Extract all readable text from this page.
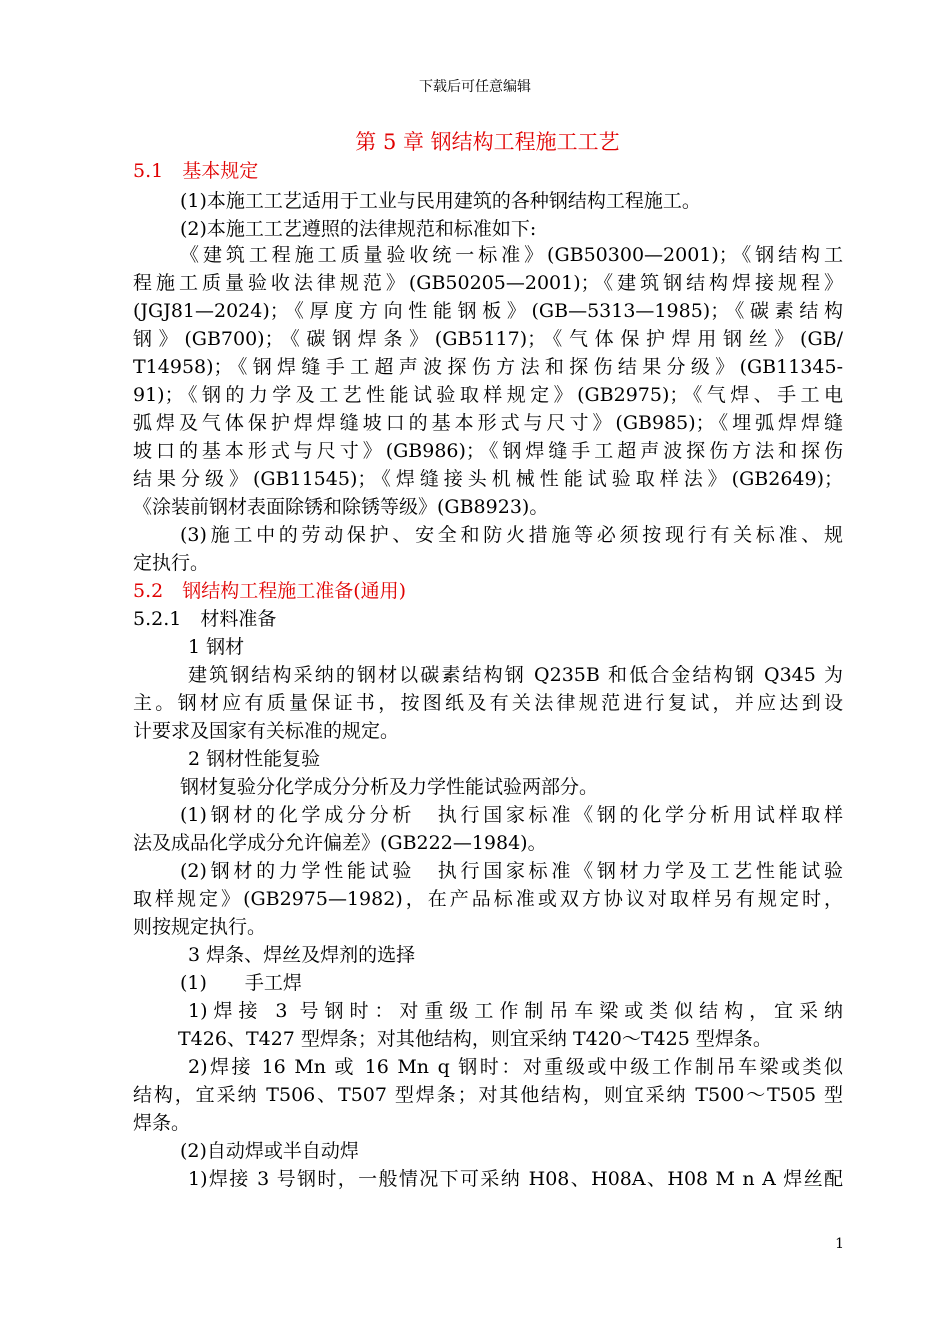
下载后可任意编辑
第 5 章 钢结构工程施工工艺
5.1　基本规定
(1)本施工工艺适用于工业与民用建筑的各种钢结构工程施工。
(2)本施工工艺遵照的法律规范和标准如下:
《建筑工程施工质量验收统一标准》(GB50300—2001)；《钢结构工
程施工质量验收法律规范》(GB50205—2001)；《建筑钢结构焊接规程》
(JGJ81—2024)；《厚度方向性能钢板》(GB—5313—1985)；《碳素结构
钢》(GB700)；《碳钢焊条》(GB5117)；《气体保护焊用钢丝》(GB/
T14958)；《钢焊缝手工超声波探伤方法和探伤结果分级》(GB11345-
91)；《钢的力学及工艺性能试验取样规定》(GB2975)；《气焊、手工电
弧焊及气体保护焊焊缝坡口的基本形式与尺寸》(GB985)；《埋弧焊焊缝
坡口的基本形式与尺寸》(GB986)；《钢焊缝手工超声波探伤方法和探伤
结果分级》(GB11545)；《焊缝接头机械性能试验取样法》(GB2649)；
《涂装前钢材表面除锈和除锈等级》(GB8923)。
(3)施工中的劳动保护、安全和防火措施等必须按现行有关标准、规
定执行。
5.2　钢结构工程施工准备(通用)
5.2.1　材料准备
1 钢材
建筑钢结构采纳的钢材以碳素结构钢 Q235B 和低合金结构钢 Q345 为
主。钢材应有质量保证书，按图纸及有关法律规范进行复试，并应达到设
计要求及国家有关标准的规定。
2 钢材性能复验
钢材复验分化学成分分析及力学性能试验两部分。
(1)钢材的化学成分分析　执行国家标准《钢的化学分析用试样取样
法及成品化学成分允许偏差》(GB222—1984)。
(2)钢材的力学性能试验　执行国家标准《钢材力学及工艺性能试验
取样规定》(GB2975—1982)，在产品标准或双方协议对取样另有规定时，
则按规定执行。
3 焊条、焊丝及焊剂的选择
(1)　　手工焊
1)焊接 3 号钢时：对重级工作制吊车梁或类似结构，宜采纳
T426、T427 型焊条；对其他结构，则宜采纳 T420～T425 型焊条。
2)焊接 16 Mn 或 16 Mn q 钢时：对重级或中级工作制吊车梁或类似
结构，宜采纳 T506、T507 型焊条；对其他结构，则宜采纳 T500～T505 型
焊条。
(2)自动焊或半自动焊
1)焊接 3 号钢时，一般情况下可采纳 H08、H08A、H08 M n A 焊丝配
1
